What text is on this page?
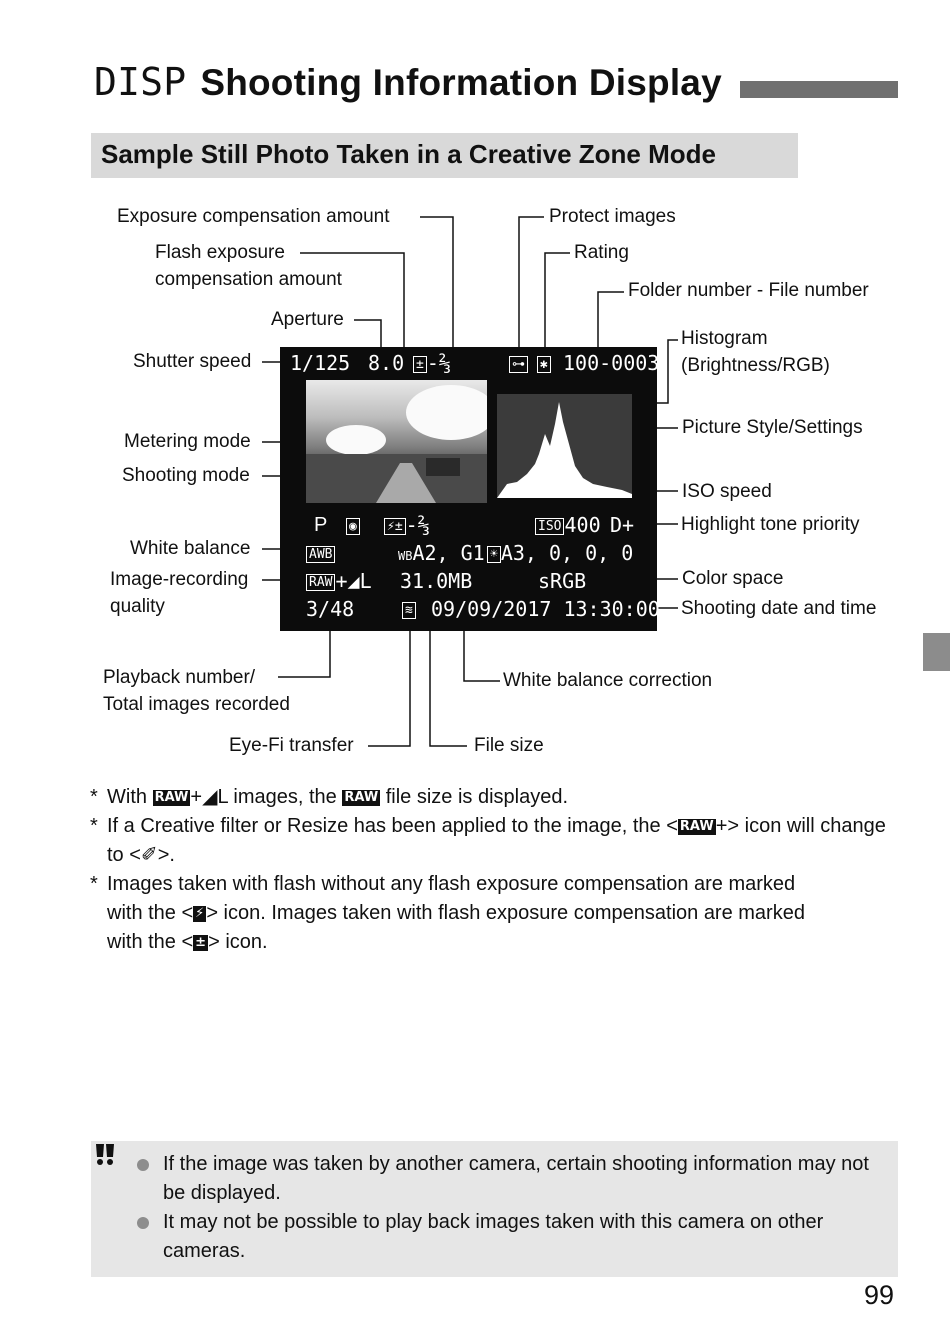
DISP Shooting Information Display
Sample Still Photo Taken in a Creative Zone Mode
Exposure compensation amount
Flash exposure
compensation amount
Aperture
Shutter speed
Metering mode
Shooting mode
White balance
Image-recording
quality
Playback number/
Total images recorded
Eye-Fi transfer	File size
White balance correction
Protect images
Rating
Folder number - File number
Histogram
(Brightness/RGB)
Picture Style/Settings
ISO speed
Highlight tone priority
Color space
Shooting date and time
1/125 8.0 ± -⅔	⊶ ✱ 100-0003
P ◉ ⚡± -⅔	ISO 400 D+
AWB	WBA2, G1 ☀ A3, 0, 0, 0
RAW +◢L 31.0MB	sRGB
3/48	≋ 09/09/2017 13:30:00
* With RAW +◢L images, the RAW file size is displayed.
* If a Creative filter or Resize has been applied to the image, the < RAW +> icon will change to <✐>.
* Images taken with flash without any flash exposure compensation are marked
with the < ⚡ > icon. Images taken with flash exposure compensation are marked
with the < ± > icon.
If the image was taken by another camera, certain shooting information may not be displayed.
It may not be possible to play back images taken with this camera on other cameras.
99
